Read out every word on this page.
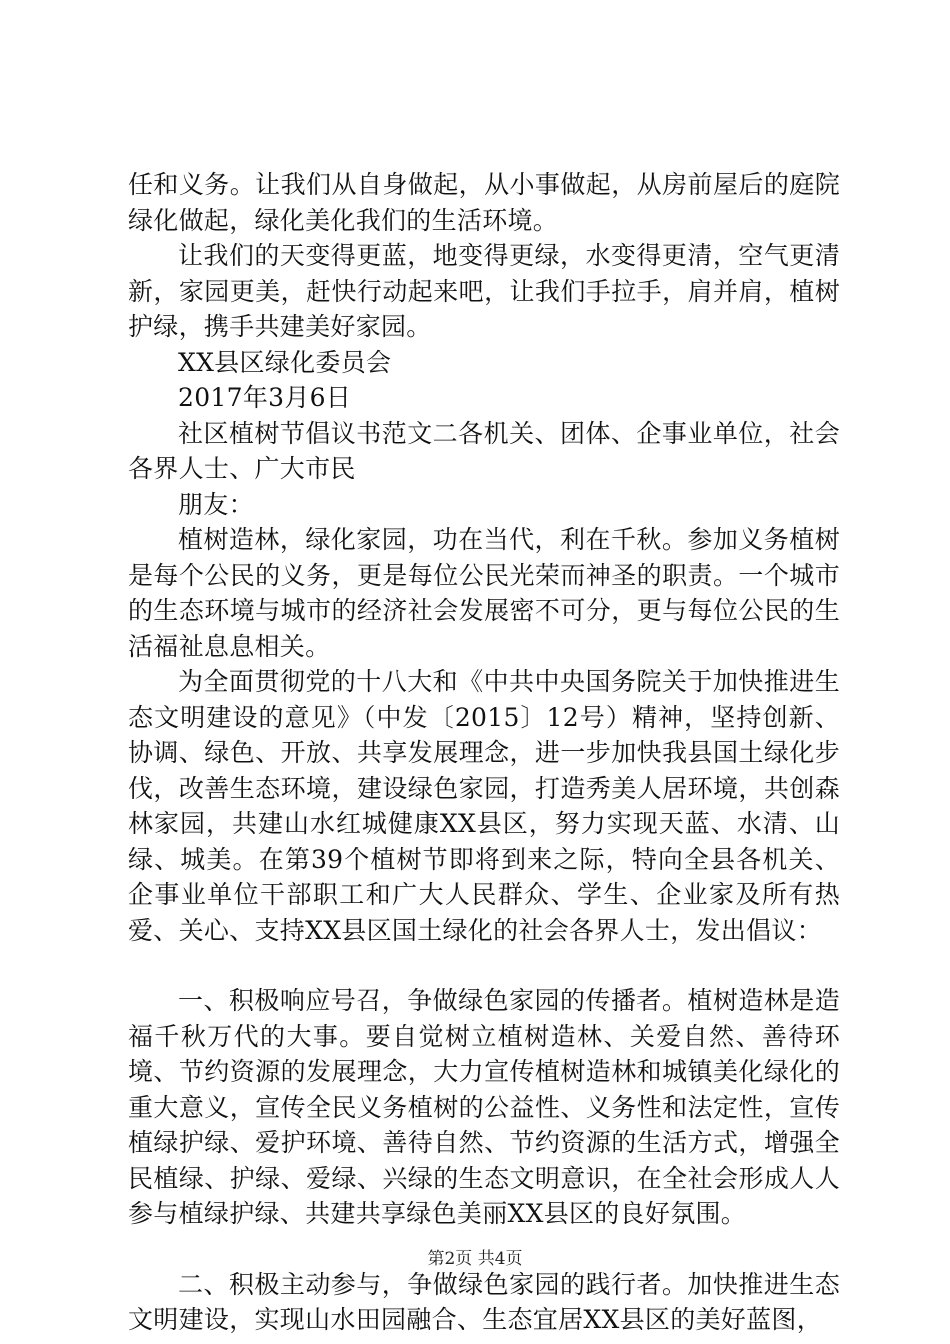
任和义务。让我们从自身做起，从小事做起，从房前屋后的庭院绿化做起，绿化美化我们的生活环境。

让我们的天变得更蓝，地变得更绿，水变得更清，空气更清新，家园更美，赶快行动起来吧，让我们手拉手，肩并肩，植树护绿，携手共建美好家园。

XX县区绿化委员会

2017年3月6日

社区植树节倡议书范文二各机关、团体、企事业单位，社会各界人士、广大市民

朋友：

植树造林，绿化家园，功在当代，利在千秋。参加义务植树是每个公民的义务，更是每位公民光荣而神圣的职责。一个城市的生态环境与城市的经济社会发展密不可分，更与每位公民的生活福祉息息相关。

为全面贯彻党的十八大和《中共中央国务院关于加快推进生态文明建设的意见》（中发〔2015〕12号）精神，坚持创新、协调、绿色、开放、共享发展理念，进一步加快我县国土绿化步伐，改善生态环境，建设绿色家园，打造秀美人居环境，共创森林家园，共建山水红城健康XX县区，努力实现天蓝、水清、山绿、城美。在第39个植树节即将到来之际，特向全县各机关、企事业单位干部职工和广大人民群众、学生、企业家及所有热爱、关心、支持XX县区国土绿化的社会各界人士，发出倡议：

一、积极响应号召，争做绿色家园的传播者。植树造林是造福千秋万代的大事。要自觉树立植树造林、关爱自然、善待环境、节约资源的发展理念，大力宣传植树造林和城镇美化绿化的重大意义，宣传全民义务植树的公益性、义务性和法定性，宣传植绿护绿、爱护环境、善待自然、节约资源的生活方式，增强全民植绿、护绿、爱绿、兴绿的生态文明意识，在全社会形成人人参与植绿护绿、共建共享绿色美丽XX县区的良好氛围。

二、积极主动参与，争做绿色家园的践行者。加快推进生态文明建设，实现山水田园融合、生态宜居XX县区的美好蓝图，

第2页 共4页
